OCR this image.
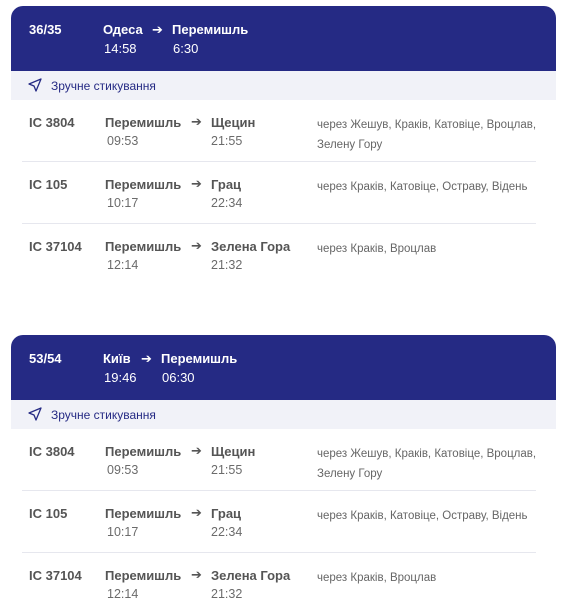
36/35	Одеса ➔ Перемишль
14:58	6:30
Зручне стикування
IC 3804 Перемишль ➔ Щецин
09:53	21:55
через Жешув, Краків, Катовіце, Вроцлав, Зелену Гору
IC 105	Перемишль ➔ Грац
10:17	22:34
через Краків, Катовіце, Остраву, Відень
IC 37104 Перемишль ➔ Зелена Гора
12:14	21:32
через Краків, Вроцлав
53/54	Київ ➔ Перемишль
19:46 06:30
Зручне стикування
IC 3804 Перемишль ➔ Щецин
09:53	21:55
через Жешув, Краків, Катовіце, Вроцлав, Зелену Гору
IC 105	Перемишль ➔ Грац
10:17	22:34
через Краків, Катовіце, Остраву, Відень
IC 37104 Перемишль ➔ Зелена Гора
12:14	21:32
через Краків, Вроцлав
